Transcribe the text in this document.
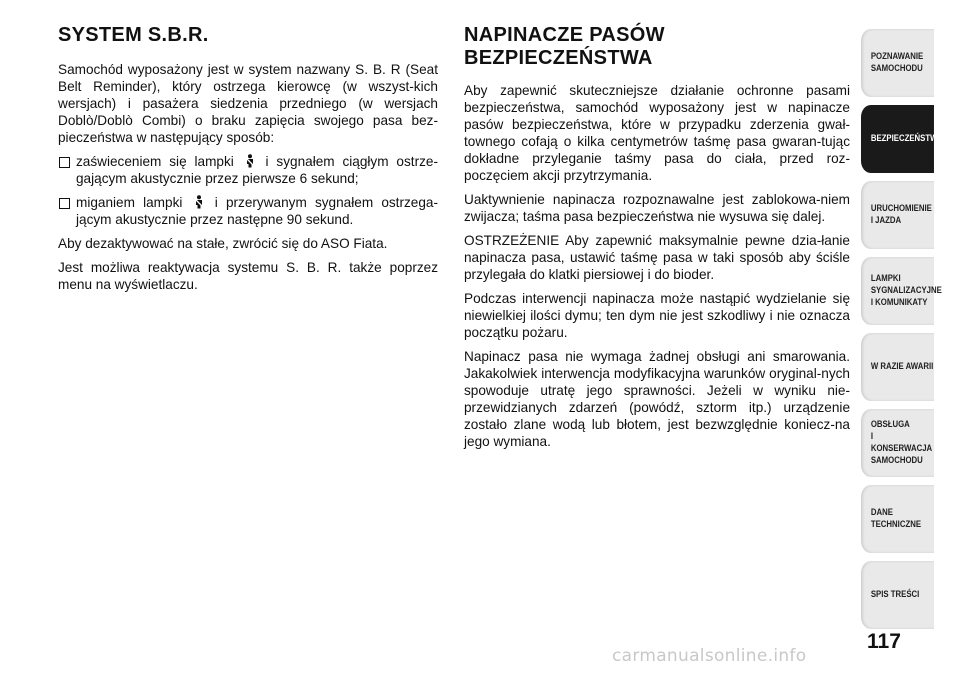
SYSTEM S.B.R.

Samochód wyposażony jest w system nazwany S. B. R (Seat Belt Reminder), który ostrzega kierowcę (w wszyst-kich wersjach) i pasażera siedzenia przedniego (w wersjach Doblò/Doblò Combi) o braku zapięcia swojego pasa bez-pieczeństwa w następujący sposób:

zaświeceniem się lampki i sygnałem ciągłym ostrze-gającym akustycznie przez pierwsze 6 sekund;
miganiem lampki i przerywanym sygnałem ostrzega-jącym akustycznie przez następne 90 sekund.

Aby dezaktywować na stałe, zwrócić się do ASO Fiata.

Jest możliwa reaktywacja systemu S. B. R. także poprzez menu na wyświetlaczu.

NAPINACZE PASÓW
BEZPIECZEŃSTWA

Aby zapewnić skuteczniejsze działanie ochronne pasami bezpieczeństwa, samochód wyposażony jest w napinacze pasów bezpieczeństwa, które w przypadku zderzenia gwał-townego cofają o kilka centymetrów taśmę pasa gwaran-tując dokładne przyleganie taśmy pasa do ciała, przed roz-poczęciem akcji przytrzymania.

Uaktywnienie napinacza rozpoznawalne jest zablokowa-niem zwijacza; taśma pasa bezpieczeństwa nie wysuwa się dalej.

OSTRZEŻENIE Aby zapewnić maksymalnie pewne dzia-łanie napinacza pasa, ustawić taśmę pasa w taki sposób aby ściśle przylegała do klatki piersiowej i do bioder.

Podczas interwencji napinacza może nastąpić wydzielanie się niewielkiej ilości dymu; ten dym nie jest szkodliwy i nie oznacza początku pożaru.

Napinacz pasa nie wymaga żadnej obsługi ani smarowania. Jakakolwiek interwencja modyfikacyjna warunków oryginal-nych spowoduje utratę jego sprawności. Jeżeli w wyniku nie-przewidzianych zdarzeń (powódź, sztorm itp.) urządzenie zostało zlane wodą lub błotem, jest bezwzględnie koniecz-na jego wymiana.

POZNAWANIE
SAMOCHODU
BEZPIECZEŃSTWO
URUCHOMIENIE
I JAZDA
LAMPKI
SYGNALIZACYJNE
I KOMUNIKATY
W RAZIE AWARII
OBSŁUGA
I KONSERWACJA
SAMOCHODU
DANE
TECHNICZNE
SPIS TREŚCI
117
carmanualsonline.info
